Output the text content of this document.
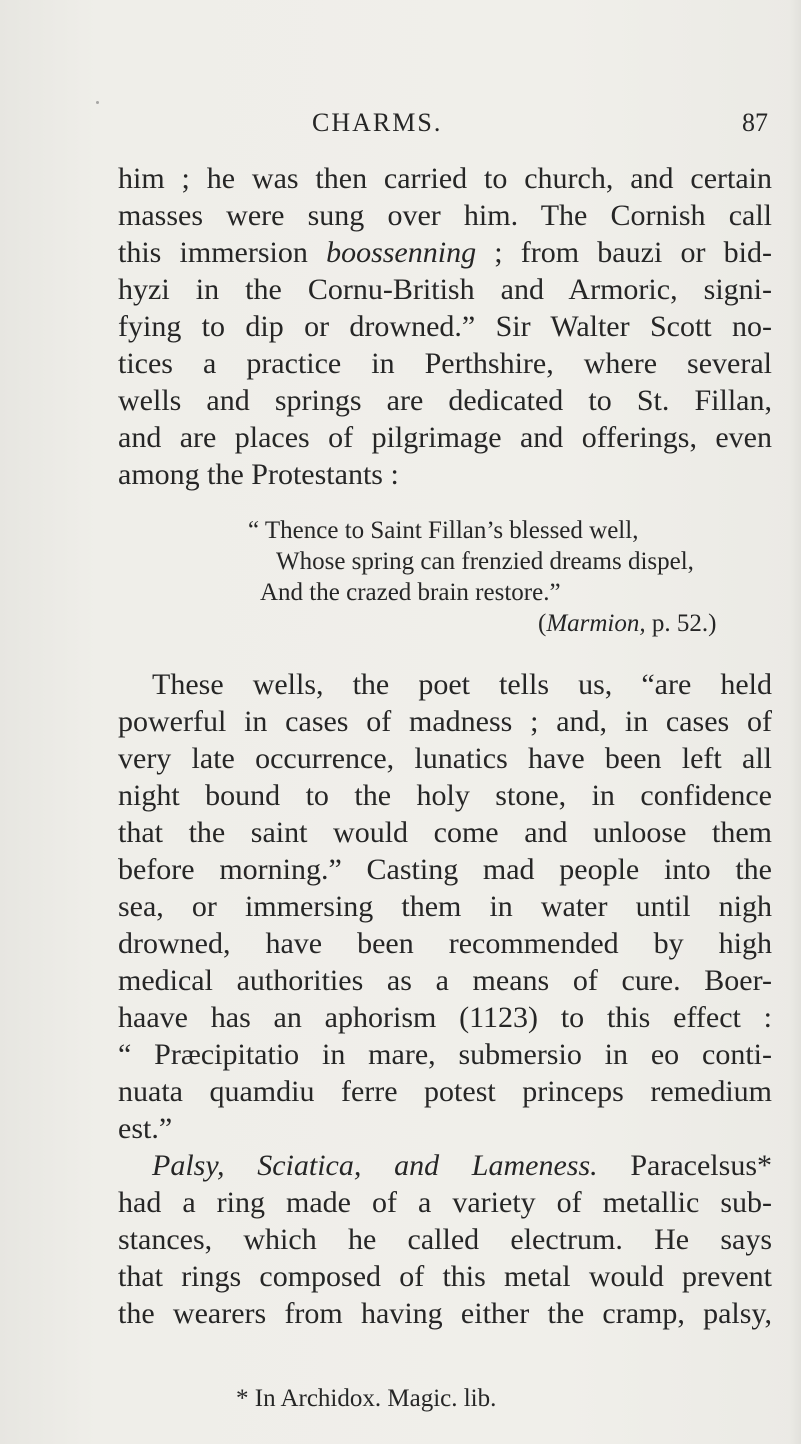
CHARMS.	87

him ; he was then carried to church, and certain

masses were sung over him. The Cornish call

this immersion boossenning ; from bauzi or bid-

hyzi in the Cornu-British and Armoric, signi-

fying to dip or drowned.” Sir Walter Scott no-

tices a practice in Perthshire, where several

wells and springs are dedicated to St. Fillan,

and are places of pilgrimage and offerings, even

among the Protestants :

“ Thence to Saint Fillan’s blessed well,

Whose spring can frenzied dreams dispel,

And the crazed brain restore.”

(Marmion, p. 52.)

These wells, the poet tells us, “are held

powerful in cases of madness ; and, in cases of

very late occurrence, lunatics have been left all

night bound to the holy stone, in confidence

that the saint would come and unloose them

before morning.” Casting mad people into the

sea, or immersing them in water until nigh

drowned, have been recommended by high

medical authorities as a means of cure. Boer-

haave has an aphorism (1123) to this effect :

“ Præcipitatio in mare, submersio in eo conti-

nuata quamdiu ferre potest princeps remedium

est.”

Palsy, Sciatica, and Lameness. Paracelsus*

had a ring made of a variety of metallic sub-

stances, which he called electrum. He says

that rings composed of this metal would prevent

the wearers from having either the cramp, palsy,

* In Archidox. Magic. lib.
